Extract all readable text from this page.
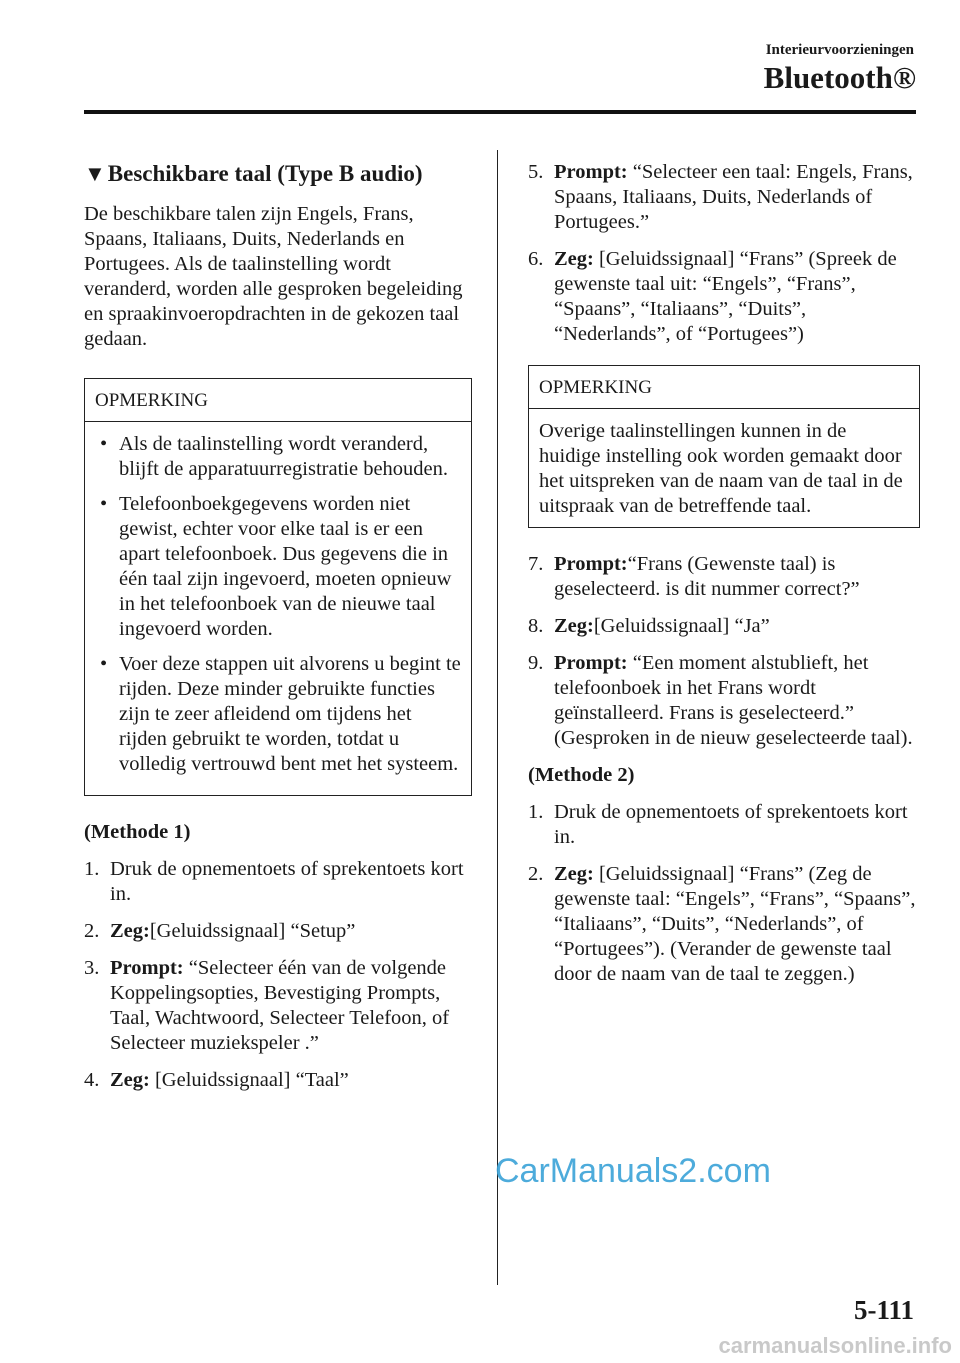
Interieurvoorzieningen
Bluetooth®
▼Beschikbare taal (Type B audio)

De beschikbare talen zijn Engels, Frans, Spaans, Italiaans, Duits, Nederlands en Portugees. Als de taalinstelling wordt veranderd, worden alle gesproken begeleiding en spraakinvoeropdrachten in de gekozen taal gedaan.

OPMERKING
• Als de taalinstelling wordt veranderd, blijft de apparatuurregistratie behouden.
• Telefoonboekgegevens worden niet gewist, echter voor elke taal is er een apart telefoonboek. Dus gegevens die in één taal zijn ingevoerd, moeten opnieuw in het telefoonboek van de nieuwe taal ingevoerd worden.
• Voer deze stappen uit alvorens u begint te rijden. Deze minder gebruikte functies zijn te zeer afleidend om tijdens het rijden gebruikt te worden, totdat u volledig vertrouwd bent met het systeem.
(Methode 1)
1. Druk de opnementoets of sprekentoets kort in.
2. Zeg:[Geluidssignaal] “Setup”
3. Prompt: “Selecteer één van de volgende Koppelingsopties, Bevestiging Prompts, Taal, Wachtwoord, Selecteer Telefoon, of Selecteer muziekspeler .”
4. Zeg: [Geluidssignaal] “Taal”
5. Prompt: “Selecteer een taal: Engels, Frans, Spaans, Italiaans, Duits, Nederlands of Portugees.”
6. Zeg: [Geluidssignaal] “Frans” (Spreek de gewenste taal uit: “Engels”, “Frans”, “Spaans”, “Italiaans”, “Duits”, “Nederlands”, of “Portugees”)
OPMERKING
Overige taalinstellingen kunnen in de huidige instelling ook worden gemaakt door het uitspreken van de naam van de taal in de uitspraak van de betreffende taal.
7. Prompt:“Frans (Gewenste taal) is geselecteerd. is dit nummer correct?”
8. Zeg:[Geluidssignaal] “Ja”
9. Prompt: “Een moment alstublieft, het telefoonboek in het Frans wordt geïnstalleerd. Frans is geselecteerd.” (Gesproken in de nieuw geselecteerde taal).
(Methode 2)
1. Druk de opnementoets of sprekentoets kort in.
2. Zeg: [Geluidssignaal] “Frans” (Zeg de gewenste taal: “Engels”, “Frans”, “Spaans”, “Italiaans”, “Duits”, “Nederlands”, of “Portugees”). (Verander de gewenste taal door de naam van de taal te zeggen.)
CarManuals2.com
5-111
carmanualsonline.info
